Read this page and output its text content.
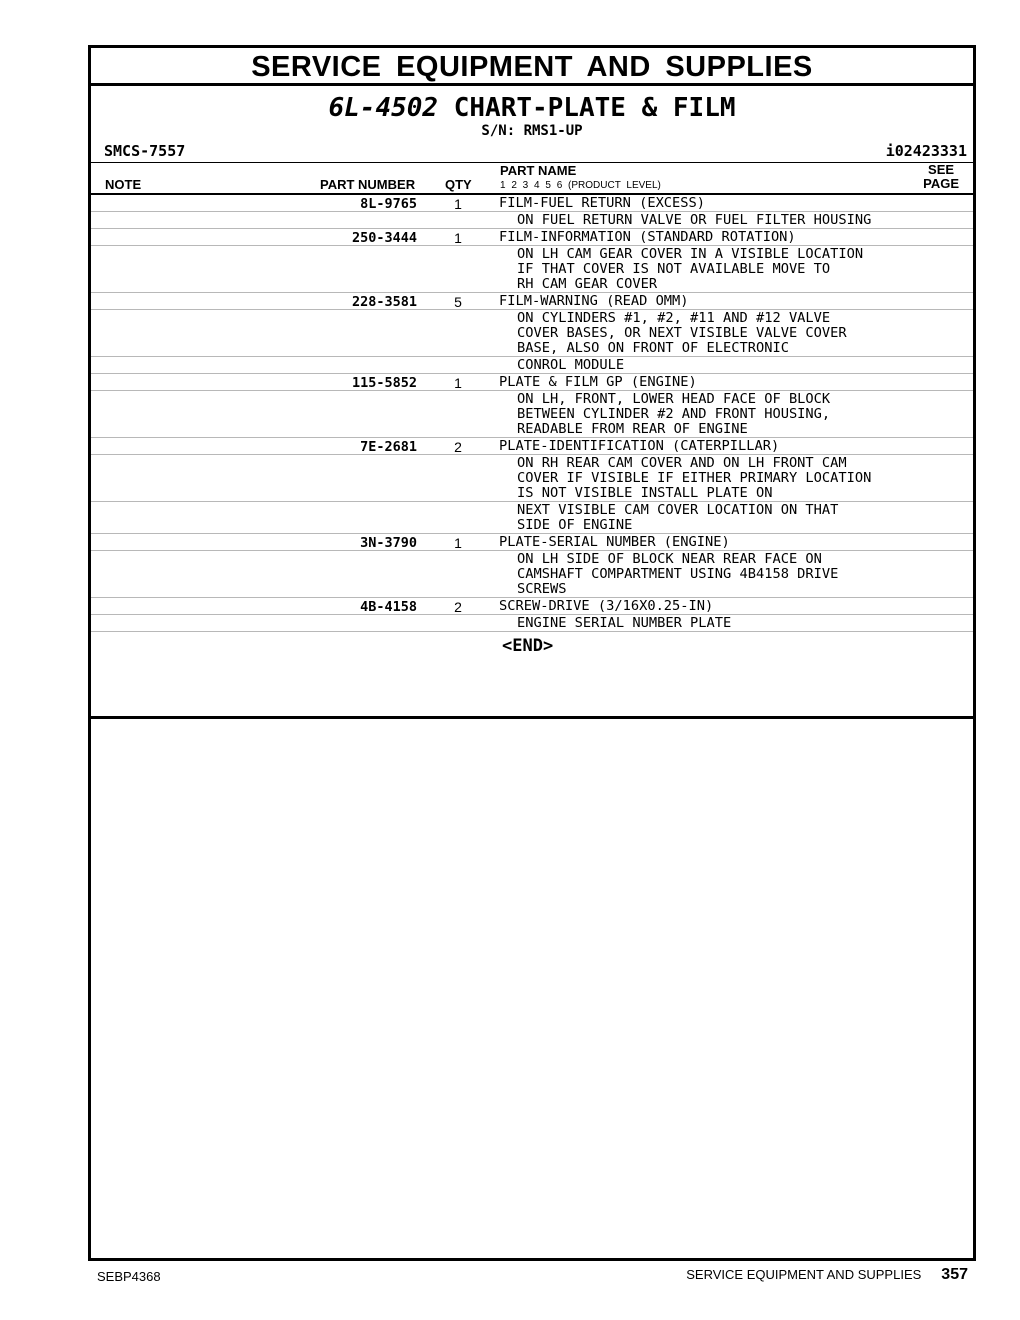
SERVICE EQUIPMENT AND SUPPLIES
6L-4502 CHART-PLATE & FILM
S/N: RMS1-UP
SMCS-7557	i02423331
NOTE	PART NUMBER QTY
PART NAME
1 2 3 4 5 6 (PRODUCT LEVEL)
SEE
PAGE
8L-9765	1	FILM-FUEL RETURN (EXCESS)
ON FUEL RETURN VALVE OR FUEL FILTER HOUSING
250-3444	1	FILM-INFORMATION (STANDARD ROTATION)
ON LH CAM GEAR COVER IN A VISIBLE LOCATION
IF THAT COVER IS NOT AVAILABLE MOVE TO
RH CAM GEAR COVER
228-3581	5	FILM-WARNING (READ OMM)
ON CYLINDERS #1, #2, #11 AND #12 VALVE
COVER BASES, OR NEXT VISIBLE VALVE COVER
BASE, ALSO ON FRONT OF ELECTRONIC
CONROL MODULE
115-5852	1	PLATE & FILM GP (ENGINE)
ON LH, FRONT, LOWER HEAD FACE OF BLOCK
BETWEEN CYLINDER #2 AND FRONT HOUSING,
READABLE FROM REAR OF ENGINE
7E-2681	2	PLATE-IDENTIFICATION (CATERPILLAR)
ON RH REAR CAM COVER AND ON LH FRONT CAM
COVER IF VISIBLE IF EITHER PRIMARY LOCATION
IS NOT VISIBLE INSTALL PLATE ON
NEXT VISIBLE CAM COVER LOCATION ON THAT
SIDE OF ENGINE
3N-3790	1	PLATE-SERIAL NUMBER (ENGINE)
ON LH SIDE OF BLOCK NEAR REAR FACE ON
CAMSHAFT COMPARTMENT USING 4B4158 DRIVE
SCREWS
4B-4158	2	SCREW-DRIVE (3/16X0.25-IN)
ENGINE SERIAL NUMBER PLATE
<END>
SEBP4368	SERVICE EQUIPMENT AND SUPPLIES 357
